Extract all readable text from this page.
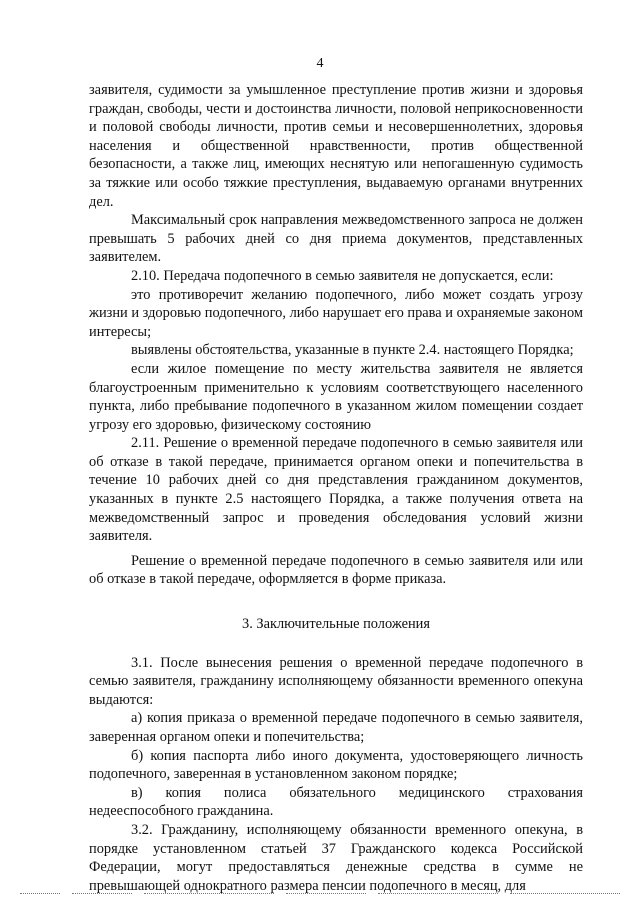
4

заявителя, судимости за умышленное преступление против жизни и здоровья граждан, свободы, чести и достоинства личности, половой неприкосновенности и половой свободы личности, против семьи и несовершеннолетних, здоровья населения и общественной нравственности, против общественной безопасности, а также лиц, имеющих неснятую или непогашенную судимость за тяжкие или особо тяжкие преступления, выдаваемую органами внутренних дел.

Максимальный срок направления межведомственного запроса не должен превышать 5 рабочих дней со дня приема документов, представленных заявителем.

2.10. Передача подопечного в семью заявителя не допускается, если:

это противоречит желанию подопечного, либо может создать угрозу жизни и здоровью подопечного, либо нарушает его права и охраняемые законом интересы;

выявлены обстоятельства, указанные в пункте 2.4. настоящего Порядка;

если жилое помещение по месту жительства заявителя не является благоустроенным применительно к условиям соответствующего населенного пункта, либо пребывание подопечного в указанном жилом помещении создает угрозу его здоровью, физическому состоянию

2.11. Решение о временной передаче подопечного в семью заявителя или об отказе в такой передаче, принимается органом опеки и попечительства в течение 10 рабочих дней со дня представления гражданином документов, указанных в пункте 2.5 настоящего Порядка, а также получения ответа на межведомственный запрос и проведения обследования условий жизни заявителя.

Решение о временной передаче подопечного в семью заявителя или или об отказе в такой передаче, оформляется в форме приказа.

3. Заключительные положения

3.1. После вынесения решения о временной передаче подопечного в семью заявителя, гражданину исполняющему обязанности временного опекуна выдаются:

а) копия приказа о временной передаче подопечного в семью заявителя, заверенная органом опеки и попечительства;

б) копия паспорта либо иного документа, удостоверяющего личность подопечного, заверенная в установленном законом порядке;

в) копия полиса обязательного медицинского страхования недееспособного гражданина.

3.2. Гражданину, исполняющему обязанности временного опекуна, в порядке установленном статьей 37 Гражданского кодекса Российской Федерации, могут предоставляться денежные средства в сумме не превышающей однократного размера пенсии подопечного в месяц, для
